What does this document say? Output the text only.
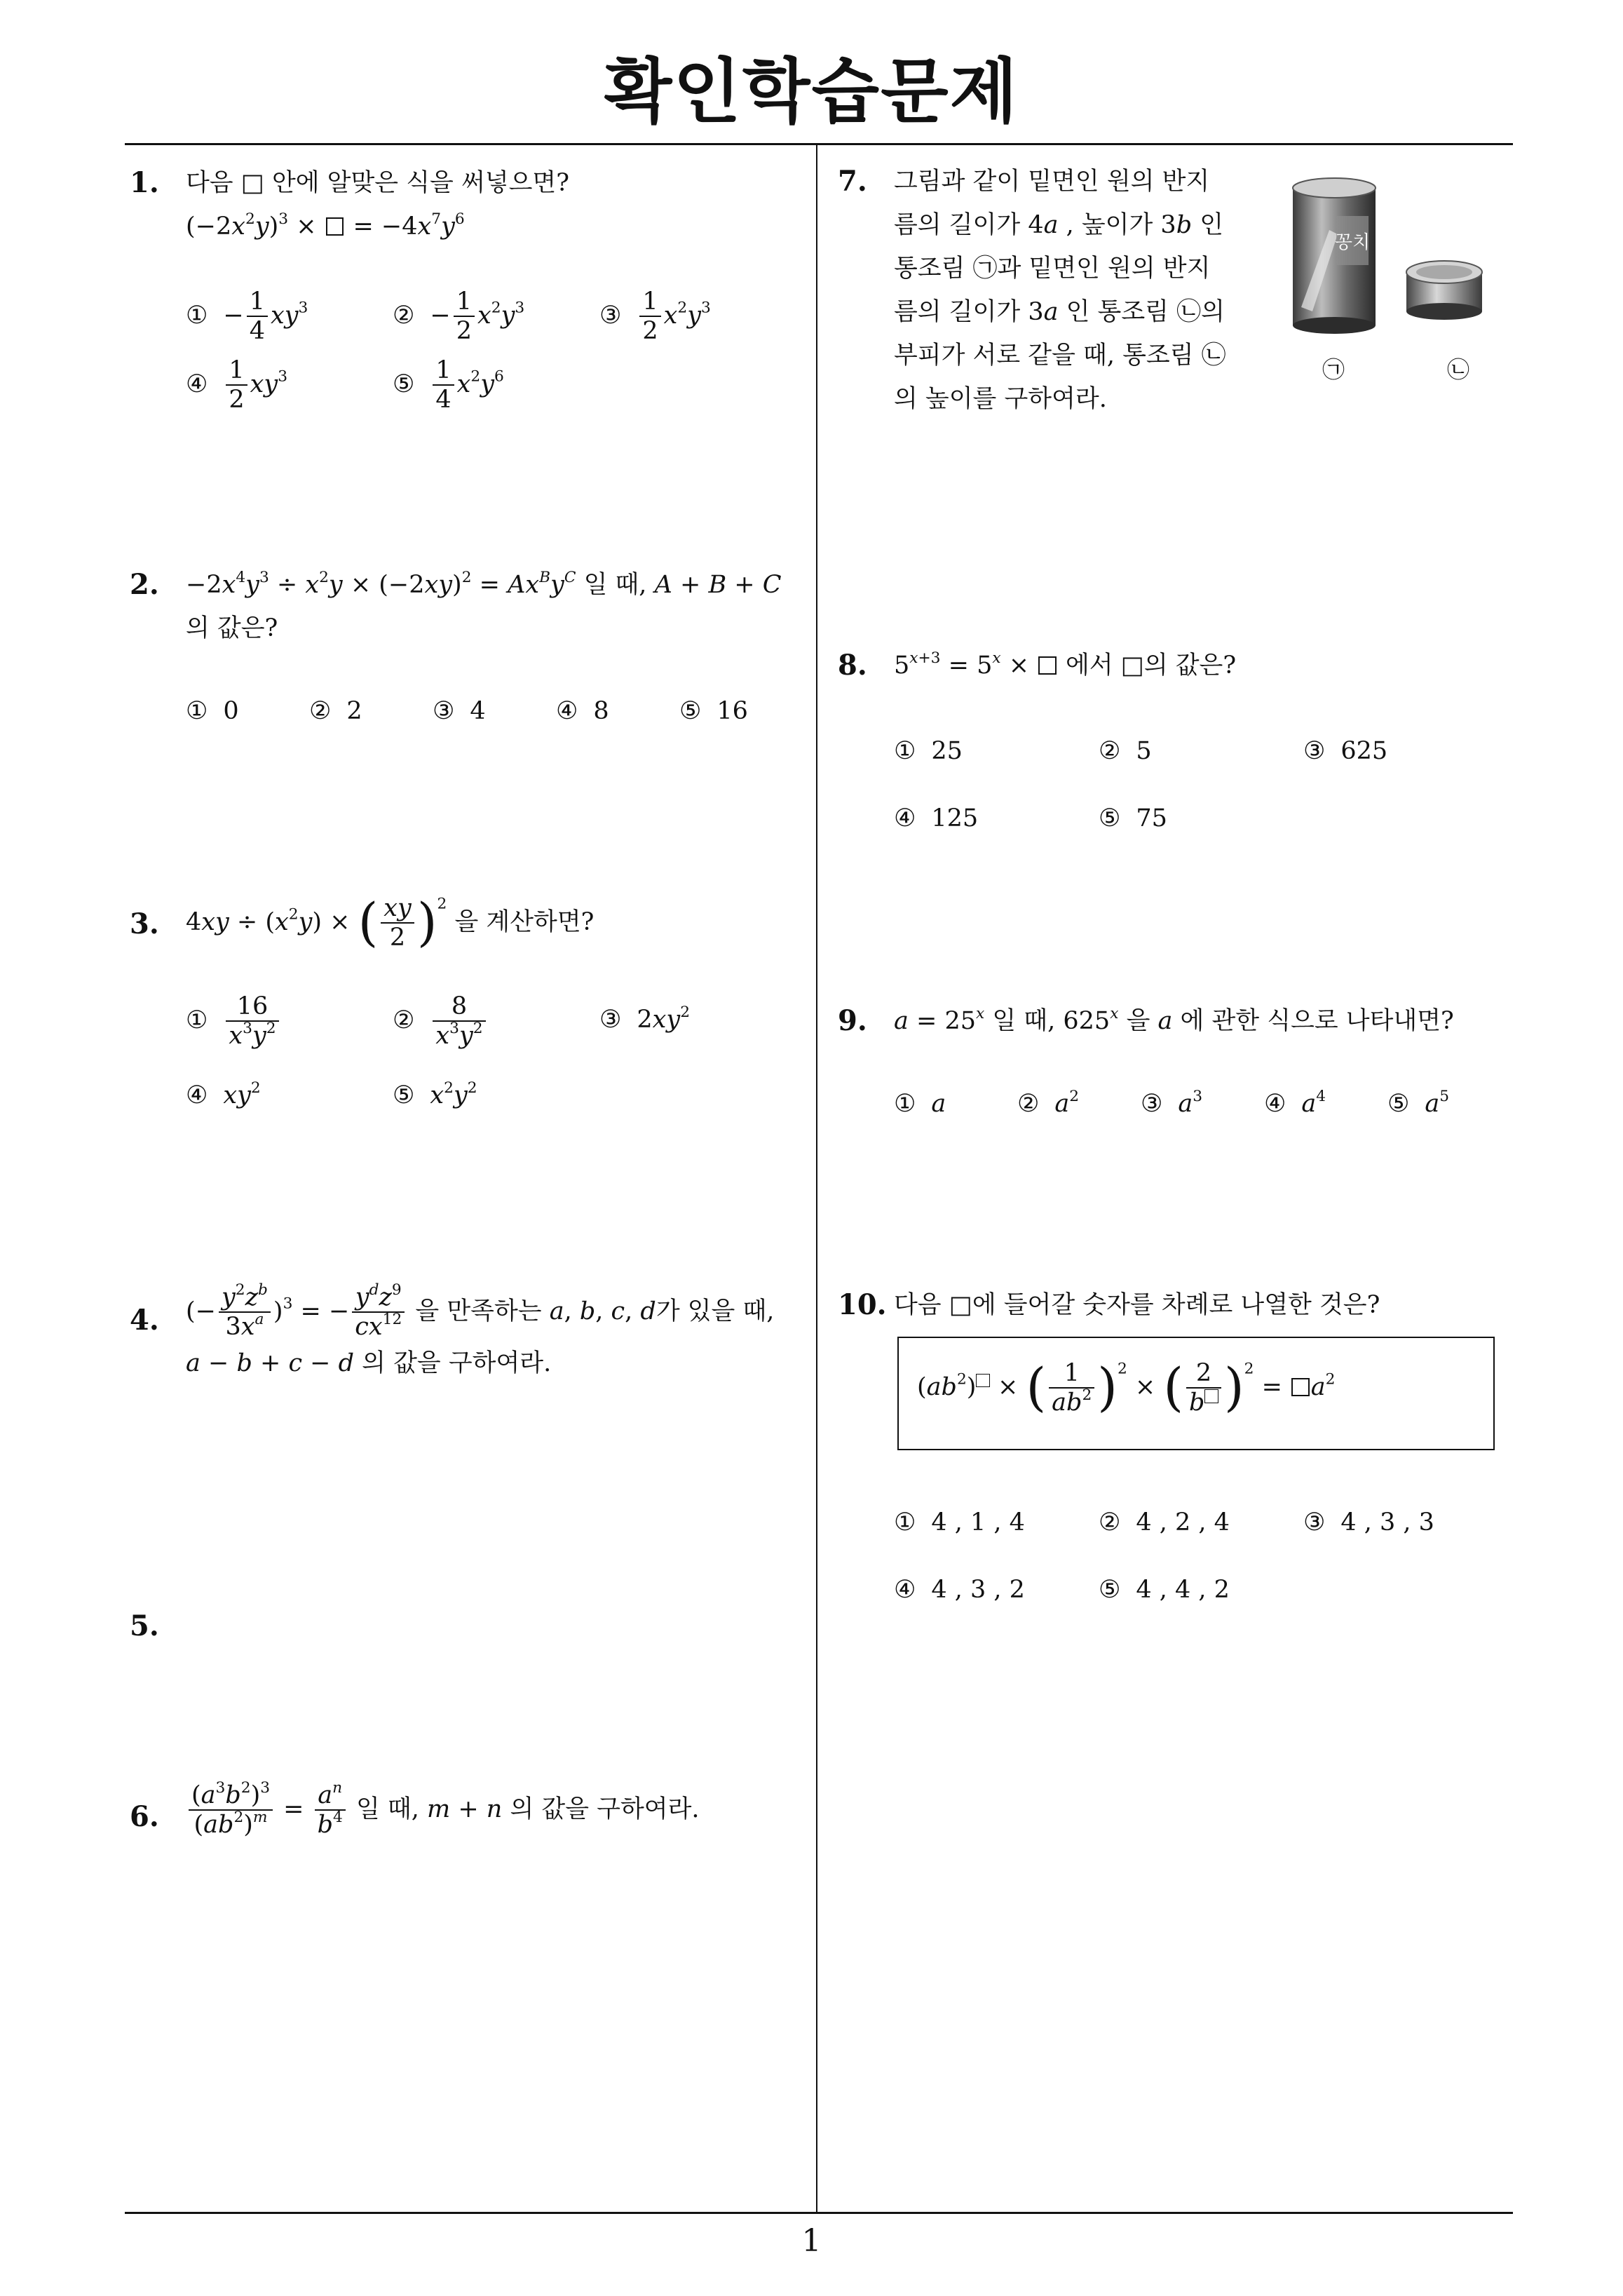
확인학습문제
1. 다음 □ 안에 알맞은 식을 써넣으면?
$(-2x^2y)^3$ ×  = $-4x^7y^6$
① − $\frac{1}{4} xy^3$	② − $\frac{1}{2} x^2y^3$	③ $\frac{1}{2} x^2y^3$
④ $\frac{1}{2} xy^3$	⑤ $\frac{1}{4} x^2y^6$
2. $-2x^4y^3 \div x^2y \times (-2xy)^2 = Ax^By^C$ 일 때, A + B + C
의 값은?
① 0	② 2	③ 4	④ 8	⑤ 16
3. $4xy \div (x^2y)$ × ( $\frac{xy}{2} )^2$ 을 계산하면?
① $\frac{16}{x^3y^2}$	② $\frac{8}{x^3y^2}$	③ $2xy^2$
④ $xy^2$	⑤ $x^2y^2$
4. (− $\frac{y^2z^b}{3x^a} )^3$ = − $\frac{y^dz^9}{cx^{12}}$ 을 만족하는 a, b, c, d가 있을 때,
a − b + c − d 의 값을 구하여라.
5.
6. $\frac{(a^3b^2)^3}{(ab^2)^m} = \frac{a^n}{b^4}$ 일 때, m + n 의 값을 구하여라.
7. 그림과 같이 밑면인 원의 반지
름의 길이가 4a , 높이가 3b 인
통조림 ㉠과 밑면인 원의 반지
름의 길이가 3a 인 통조림 ㉡의
부피가 서로 같을 때, 통조림 ㉡
의 높이를 구하여라.
꽁치
㉠	㉡
8. $5^{x+3} = 5^x$ ×  에서 □의 값은?
① 25	② 5	③ 625
④ 125	⑤ 75
9. $a = 25^x$ 일 때, 625$^x$ 을 a 에 관한 식으로 나타내면?
① a	② $a^2$	③ $a^3$	④ $a^4$	⑤ $a^5$
10. 다음 □에 들어갈 숫자를 차례로 나열한 것은?
$(ab^2)$ × ( $\frac{1}{ab^2} )^2$ × ( $\frac{2}{b} )^2 = a^2$
① 4 , 1 , 4	② 4 , 2 , 4	③ 4 , 3 , 3
④ 4 , 3 , 2	⑤ 4 , 4 , 2
1
